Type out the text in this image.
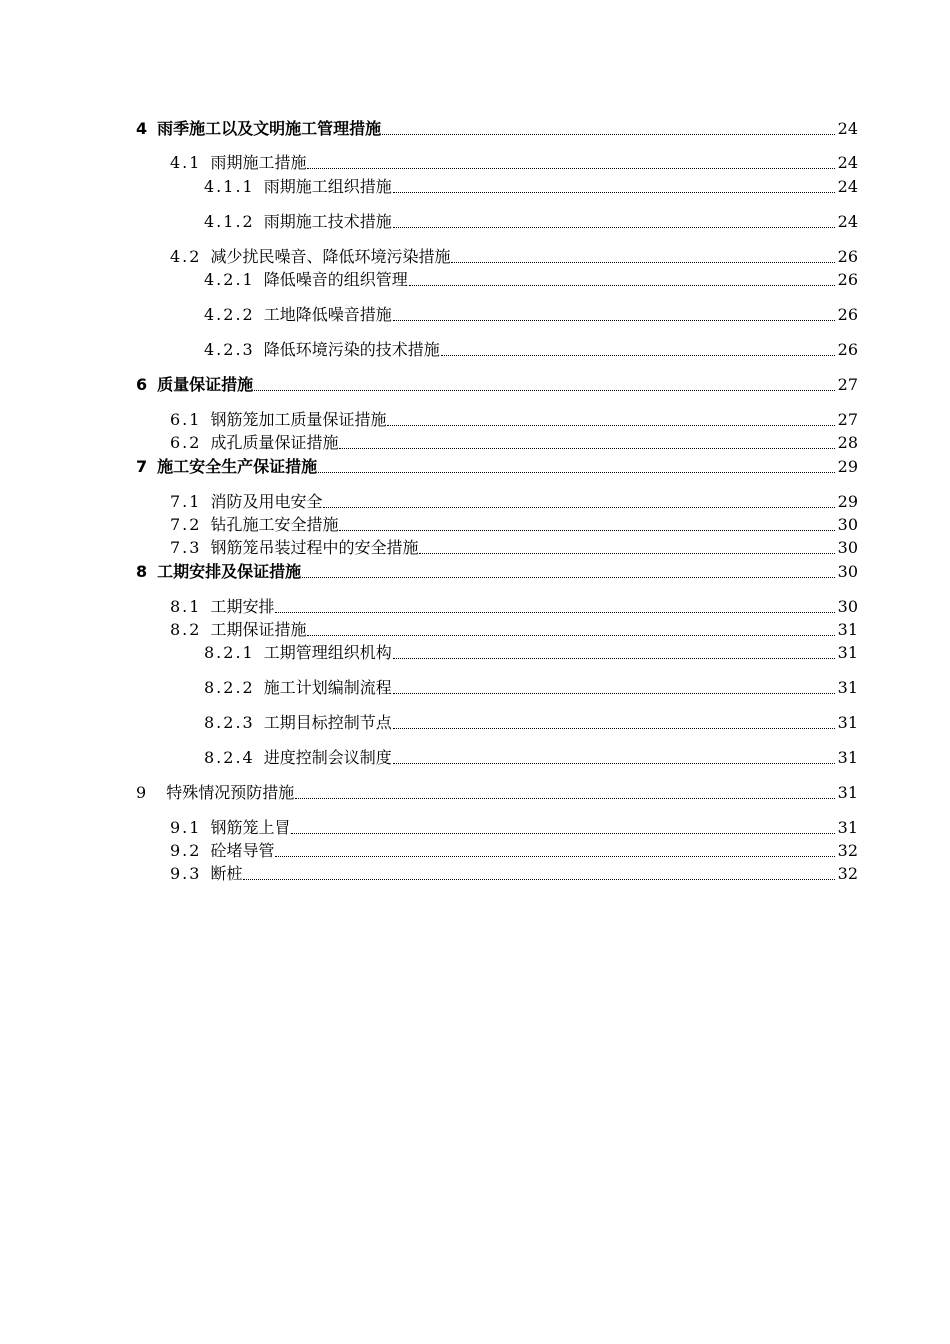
4 雨季施工以及文明施工管理措施	24
4.1 雨期施工措施	24
4.1.1 雨期施工组织措施	24
4.1.2 雨期施工技术措施	24
4.2 减少扰民噪音、降低环境污染措施	26
4.2.1 降低噪音的组织管理	26
4.2.2 工地降低噪音措施	26
4.2.3 降低环境污染的技术措施	26
6 质量保证措施	27
6.1 钢筋笼加工质量保证措施	27
6.2 成孔质量保证措施	28
7 施工安全生产保证措施	29
7.1 消防及用电安全	29
7.2 钻孔施工安全措施	30
7.3 钢筋笼吊装过程中的安全措施	30
8 工期安排及保证措施	30
8.1 工期安排	30
8.2 工期保证措施	31
8.2.1 工期管理组织机构	31
8.2.2 施工计划编制流程	31
8.2.3 工期目标控制节点	31
8.2.4 进度控制会议制度	31
9 特殊情况预防措施	31
9.1 钢筋笼上冒	31
9.2 砼堵导管	32
9.3 断桩	32
